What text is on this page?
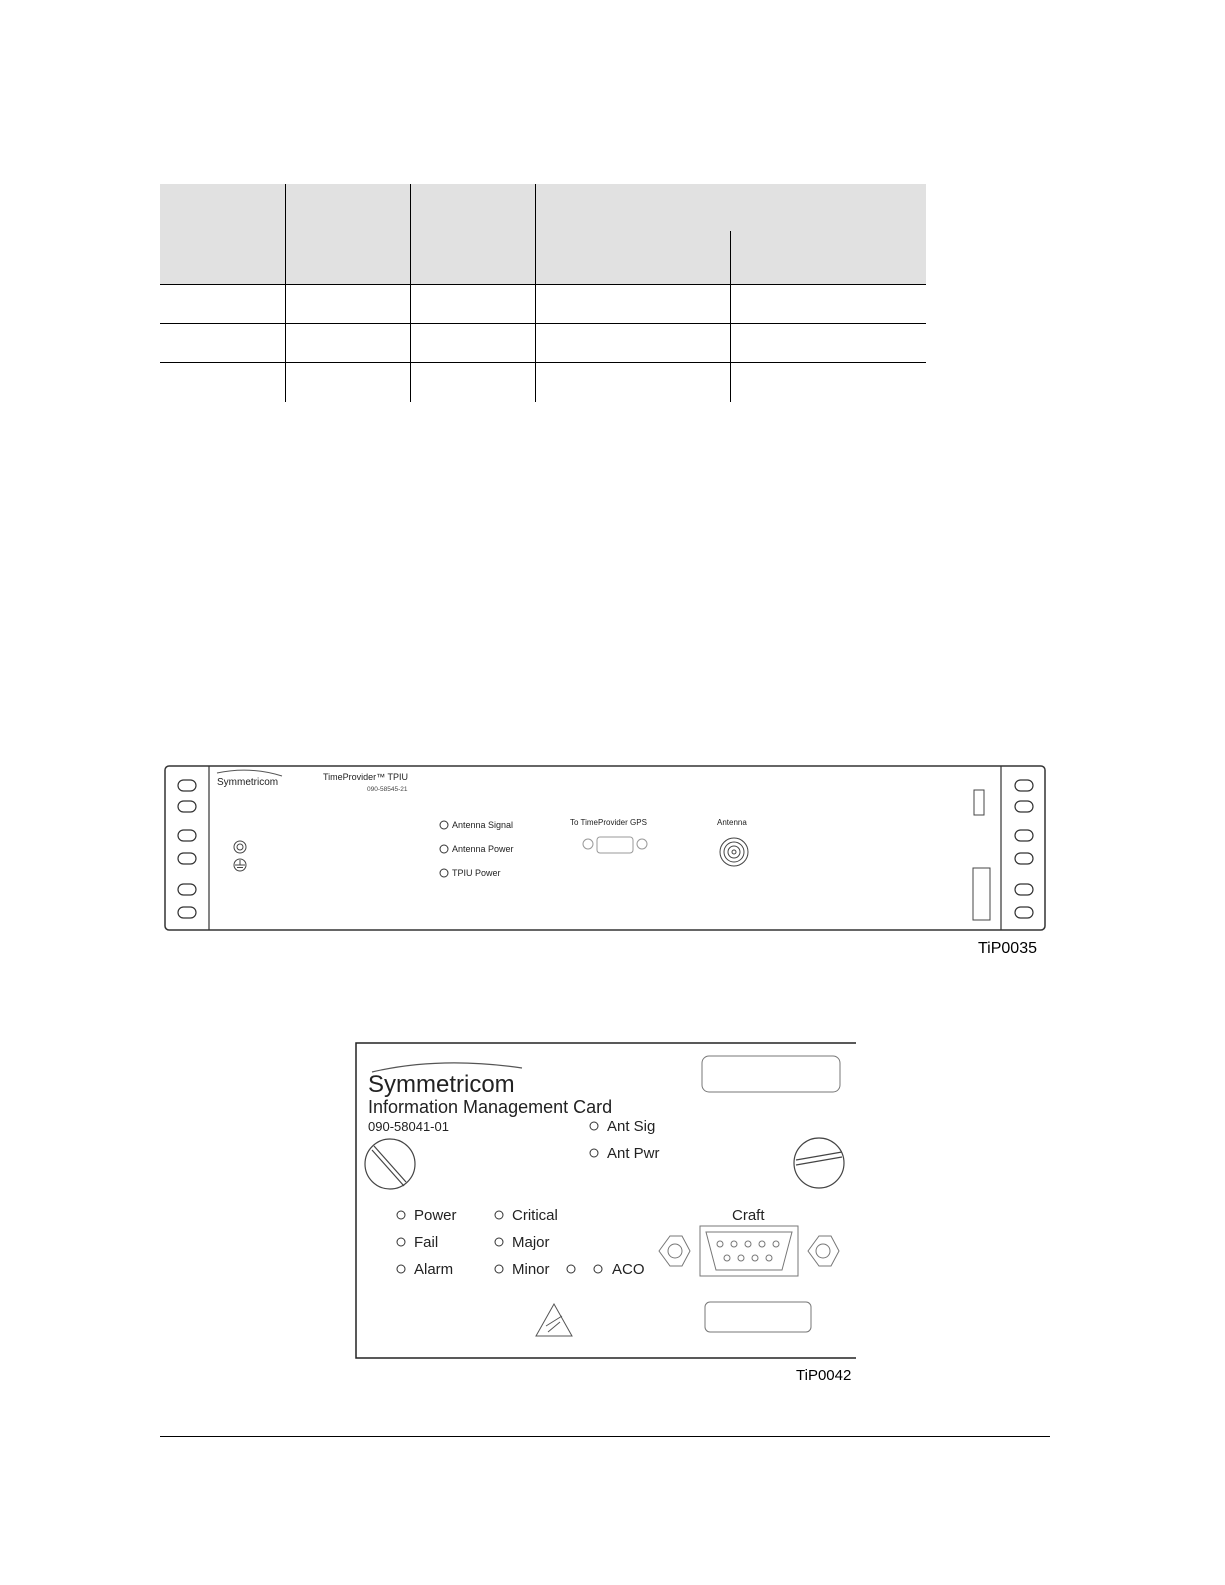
Symmetricom	TimeProvider™ TPIU
090-58545-21
Antenna Signal
Antenna Power
TPIU Power
To TimeProvider GPS	Antenna
TiP0035
Symmetricom
Information Management Card
090-58041-01	Ant Sig
Ant Pwr
Power
Fail
Alarm
Critical
Major
Minor	ACO
Craft
TiP0042
